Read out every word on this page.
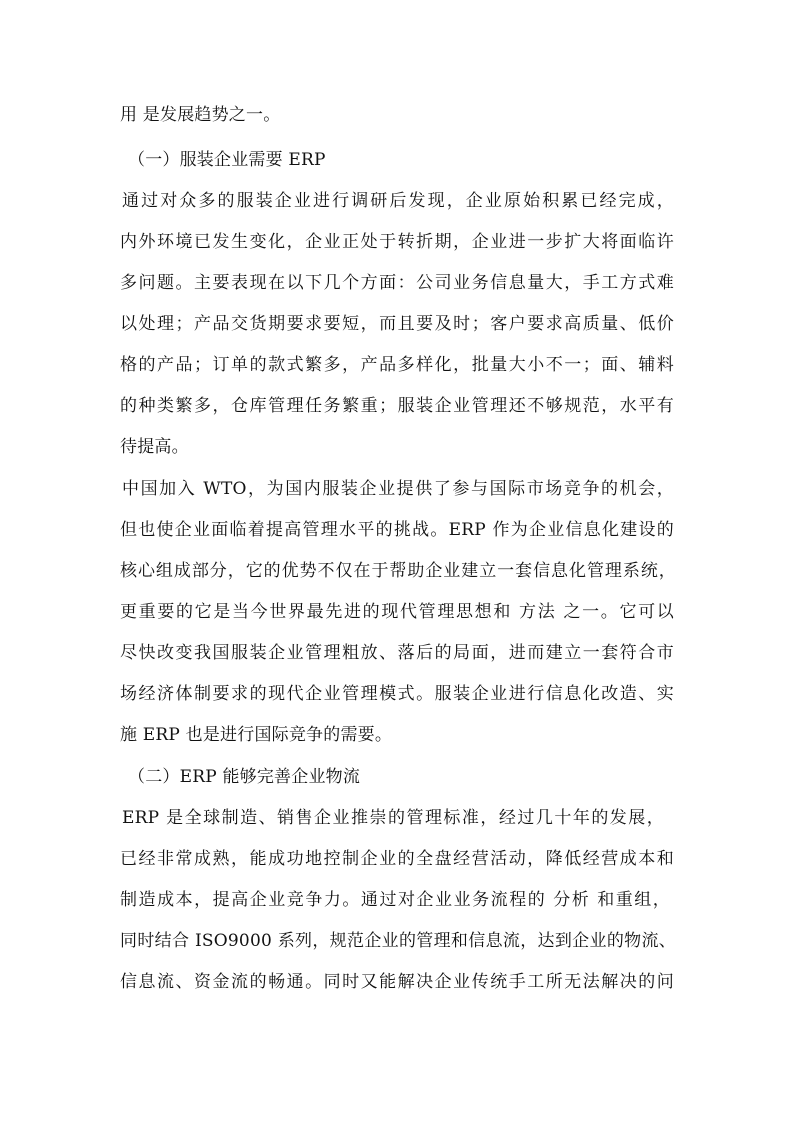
用 是发展趋势之一。
（一）服装企业需要 ERP
通过对众多的服装企业进行调研后发现，企业原始积累已经完成，
内外环境已发生变化，企业正处于转折期，企业进一步扩大将面临许
多问题。主要表现在以下几个方面：公司业务信息量大，手工方式难
以处理；产品交货期要求要短，而且要及时；客户要求高质量、低价
格的产品；订单的款式繁多，产品多样化，批量大小不一；面、辅料
的种类繁多，仓库管理任务繁重；服装企业管理还不够规范，水平有
待提高。
中国加入 WTO，为国内服装企业提供了参与国际市场竞争的机会，
但也使企业面临着提高管理水平的挑战。ERP 作为企业信息化建设的
核心组成部分，它的优势不仅在于帮助企业建立一套信息化管理系统，
更重要的它是当今世界最先进的现代管理思想和 方法 之一。它可以
尽快改变我国服装企业管理粗放、落后的局面，进而建立一套符合市
场经济体制要求的现代企业管理模式。服装企业进行信息化改造、实
施 ERP 也是进行国际竞争的需要。
（二）ERP 能够完善企业物流
ERP 是全球制造、销售企业推崇的管理标准，经过几十年的发展，
已经非常成熟，能成功地控制企业的全盘经营活动，降低经营成本和
制造成本，提高企业竞争力。通过对企业业务流程的 分析 和重组，
同时结合 ISO9000 系列，规范企业的管理和信息流，达到企业的物流、
信息流、资金流的畅通。同时又能解决企业传统手工所无法解决的问
